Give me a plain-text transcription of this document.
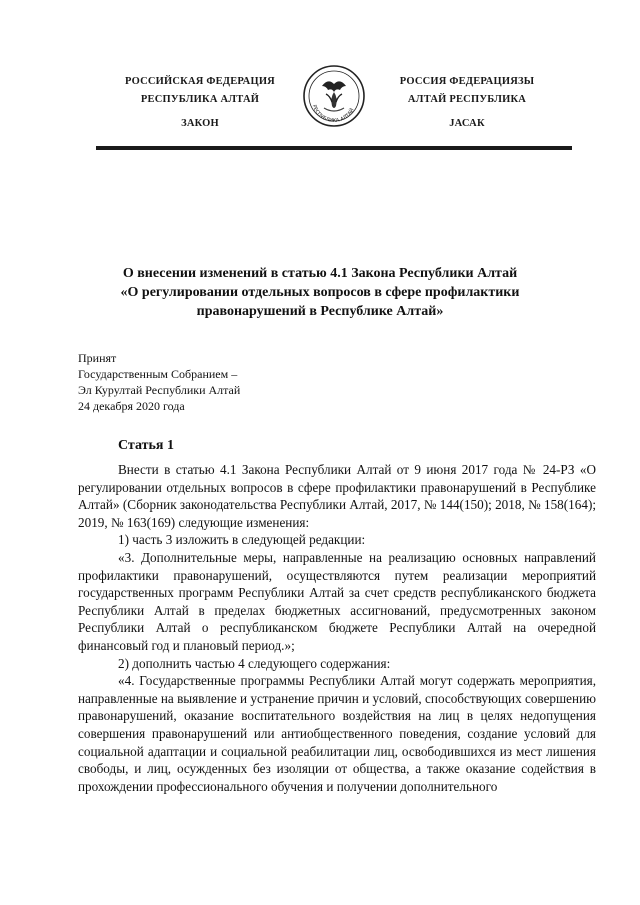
РОССИЙСКАЯ ФЕДЕРАЦИЯ
РЕСПУБЛИКА АЛТАЙ
ЗАКОН
РЕСПУБЛИКА АЛТАЙ
РОССИЯ ФЕДЕРАЦИЯЗЫ
АЛТАЙ РЕСПУБЛИКА
JАСАК
О внесении изменений в статью 4.1 Закона Республики Алтай
«О регулировании отдельных вопросов в сфере профилактики
правонарушений в Республике Алтай»
Принят
Государственным Собранием –
Эл Курултай Республики Алтай
24 декабря 2020 года
Статья 1

Внести в статью 4.1 Закона Республики Алтай от 9 июня 2017 года № 24-РЗ «О регулировании отдельных вопросов в сфере профилактики правонарушений в Республике Алтай» (Сборник законодательства Республики Алтай, 2017, № 144(150); 2018, № 158(164); 2019, № 163(169) следующие изменения:

1) часть 3 изложить в следующей редакции:

«3. Дополнительные меры, направленные на реализацию основных направлений профилактики правонарушений, осуществляются путем реализации мероприятий государственных программ Республики Алтай за счет средств республиканского бюджета Республики Алтай в пределах бюджетных ассигнований, предусмотренных законом Республики Алтай о республиканском бюджете Республики Алтай на очередной финансовый год и плановый период.»;

2) дополнить частью 4 следующего содержания:

«4. Государственные программы Республики Алтай могут содержать мероприятия, направленные на выявление и устранение причин и условий, способствующих совершению правонарушений, оказание воспитательного воздействия на лиц в целях недопущения совершения правонарушений или антиобщественного поведения, создание условий для социальной адаптации и социальной реабилитации лиц, освободившихся из мест лишения свободы, и лиц, осужденных без изоляции от общества, а также оказание содействия в прохождении профессионального обучения и получении дополнительного
